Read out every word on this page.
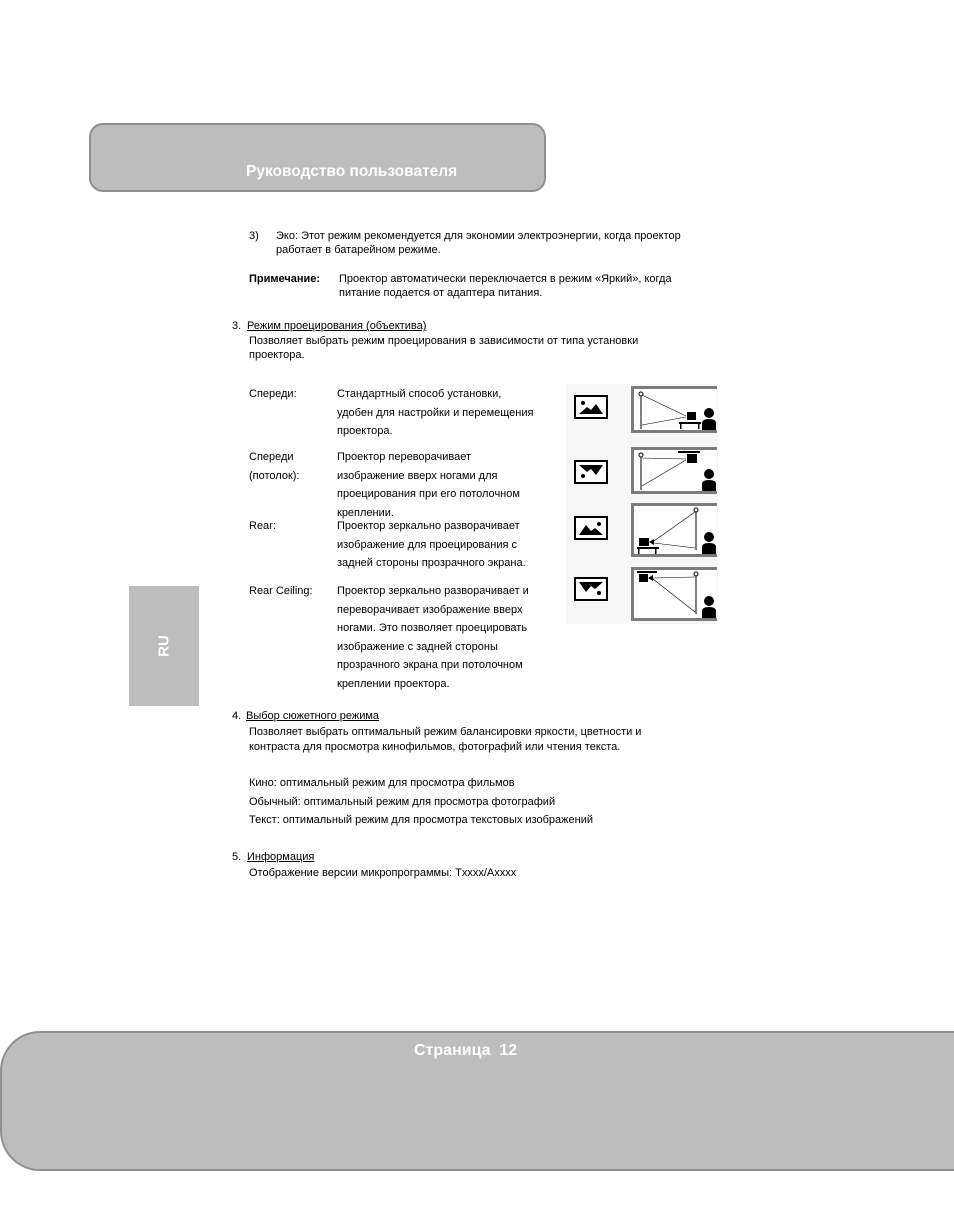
Руководство пользователя
RU
3) Эко: Этот режим рекомендуется для экономии электроэнергии, когда проектор
работает в батарейном режиме.
Примечание: Проектор автоматически переключается в режим «Яркий», когда
питание подается от адаптера питания.
3. Режим проецирования (объектива)
Позволяет выбрать режим проецирования в зависимости от типа установки
проектора.
Спереди:	Стандартный способ установки,
удобен для настройки и перемещения
проектора.
Спереди
(потолок):
Проектор переворачивает
изображение вверх ногами для
проецирования при его потолочном
креплении.
Rear:	Проектор зеркально разворачивает
изображение для проецирования с
задней стороны прозрачного экрана.
Rear Ceiling: Проектор зеркально разворачивает и
переворачивает изображение вверх
ногами. Это позволяет проецировать
изображение с задней стороны
прозрачного экрана при потолочном
креплении проектора.
4. Выбор сюжетного режима
Позволяет выбрать оптимальный режим балансировки яркости, цветности и
контраста для просмотра кинофильмов, фотографий или чтения текста.
Кино: оптимальный режим для просмотра фильмов
Обычный: оптимальный режим для просмотра фотографий
Текст: оптимальный режим для просмотра текстовых изображений
5. Информация
Отображение версии микропрограммы: Txxxx/Axxxx
Страница  12
